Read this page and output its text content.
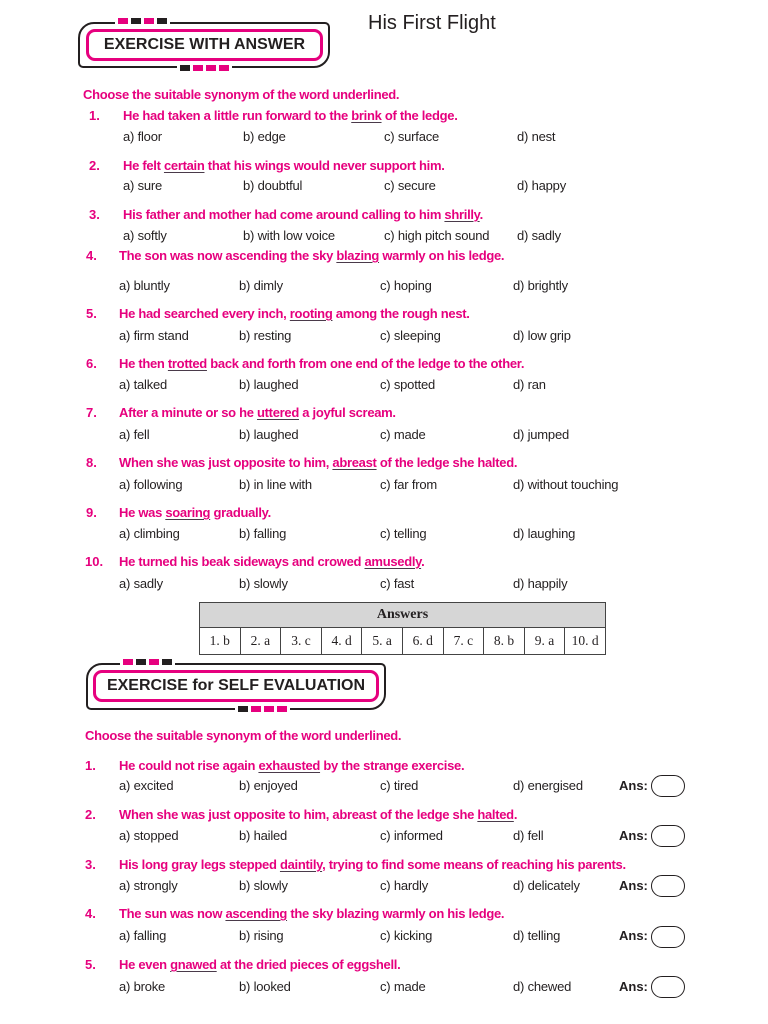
His First Flight
EXERCISE WITH ANSWER
Choose the suitable synonym of the word underlined.
1. He had taken a little run forward to the brink of the ledge.
a) floor	b) edge	c) surface	d) nest
2. He felt certain that his wings would never support him.
a) sure	b) doubtful	c) secure	d) happy
3. His father and mother had come around calling to him shrilly.
a) softly	b) with low voice	c) high pitch sound d) sadly
4. The son was now ascending the sky blazing warmly on his ledge.
a) bluntly	b) dimly	c) hoping	d) brightly
5. He had searched every inch, rooting among the rough nest.
a) firm stand	b) resting	c) sleeping	d) low grip
6. He then trotted back and forth from one end of the ledge to the other.
a) talked	b) laughed	c) spotted	d) ran
7. After a minute or so he uttered a joyful scream.
a) fell	b) laughed	c) made	d) jumped
8. When she was just opposite to him, abreast of the ledge she halted.
a) following	b) in line with	c) far from	d) without touching
9. He was soaring gradually.
a) climbing	b) falling	c) telling	d) laughing
10. He turned his beak sideways and crowed amusedly.
a) sadly	b) slowly	c) fast	d) happily
Answers
1. b	2. a	3. c	4. d	5. a	6. d	7. c	8. b	9. a	10. d
EXERCISE for SELF EVALUATION
Choose the suitable synonym of the word underlined.
1. He could not rise again exhausted by the strange exercise.
a) excited	b) enjoyed	c) tired	d) energised	Ans:
2. When she was just opposite to him, abreast of the ledge she halted.
a) stopped	b) hailed	c) informed	d) fell	Ans:
3. His long gray legs stepped daintily, trying to find some means of reaching his parents.
a) strongly	b) slowly	c) hardly	d) delicately	Ans:
4. The sun was now ascending the sky blazing warmly on his ledge.
a) falling	b) rising	c) kicking	d) telling	Ans:
5. He even gnawed at the dried pieces of eggshell.
a) broke	b) looked	c) made	d) chewed	Ans:
